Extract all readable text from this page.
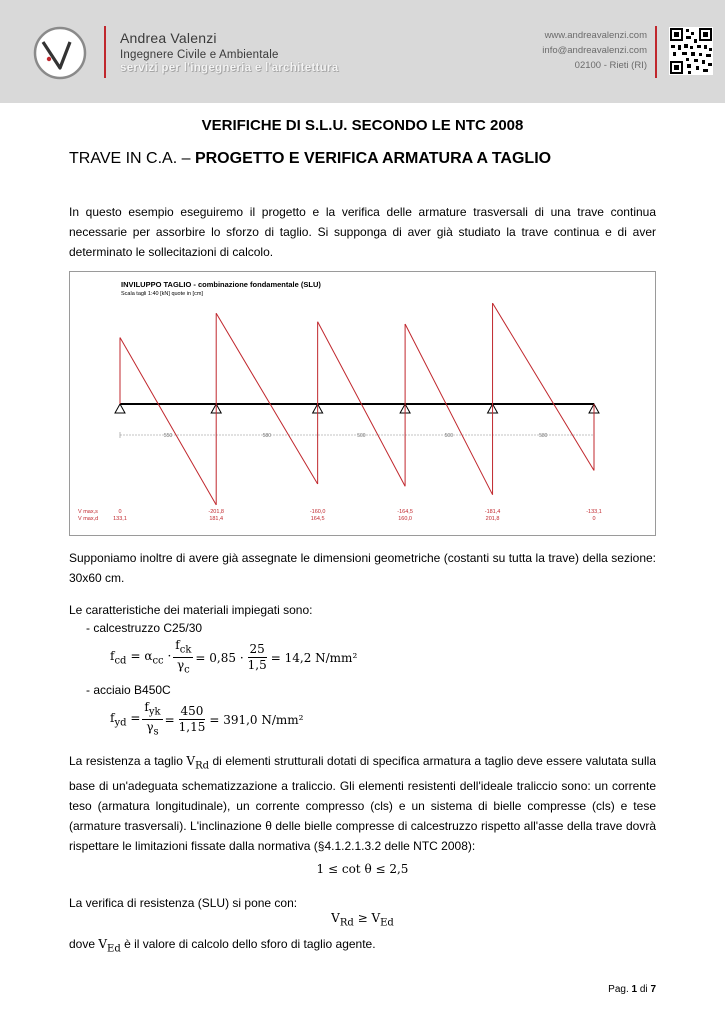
Andrea Valenzi
Ingegnere Civile e Ambientale
servizi per l'ingegneria e l'architettura
www.andreavalenzi.com
info@andreavalenzi.com
02100 - Rieti (RI)
VERIFICHE DI S.L.U. SECONDO LE NTC 2008
TRAVE IN C.A. – PROGETTO E VERIFICA ARMATURA A TAGLIO
In questo esempio eseguiremo il progetto e la verifica delle armature trasversali di una trave continua necessarie per assorbire lo sforzo di taglio. Si supponga di aver già studiato la trave continua e di aver determinato le sollecitazioni di calcolo.
INVILUPPO TAGLIO - combinazione fondamentale (SLU)
Scala tagli 1:40 [kN] quote in [cm]
550	580	500	500	580
V max,s	0	-201,8	-160,0	-164,5	-181,4	-133,1
V max,d	133,1	181,4	164,5	160,0	201,8	0
Supponiamo inoltre di avere già assegnate le dimensioni geometriche (costanti su tutta la trave) della sezione: 30x60 cm.
Le caratteristiche dei materiali impiegati sono:
- calcestruzzo C25/30
$f_{cd} = \alpha_{cc} \cdot \frac{f_{ck}}{\gamma_c} = 0,85 \cdot \frac{25}{1,5} = 14,2$ N/mm²
- acciaio B450C
$f_{yd} = \frac{f_{yk}}{\gamma_s} = \frac{450}{1,15} = 391,0$ N/mm²
La resistenza a taglio $V_{Rd}$ di elementi strutturali dotati di specifica armatura a taglio deve essere valutata sulla base di un'adeguata schematizzazione a traliccio. Gli elementi resistenti dell'ideale traliccio sono: un corrente teso (armatura longitudinale), un corrente compresso (cls) e un sistema di bielle compresse (cls) e tese (armature trasversali). L'inclinazione θ delle bielle compresse di calcestruzzo rispetto all'asse della trave dovrà rispettare le limitazioni fissate dalla normativa (§4.1.2.1.3.2 delle NTC 2008):
1 ≤ cot θ ≤ 2,5
La verifica di resistenza (SLU) si pone con:
$V_{Rd} \ge V_{Ed}$
dove $V_{Ed}$ è il valore di calcolo dello sforo di taglio agente.
Pag. 1 di 7
